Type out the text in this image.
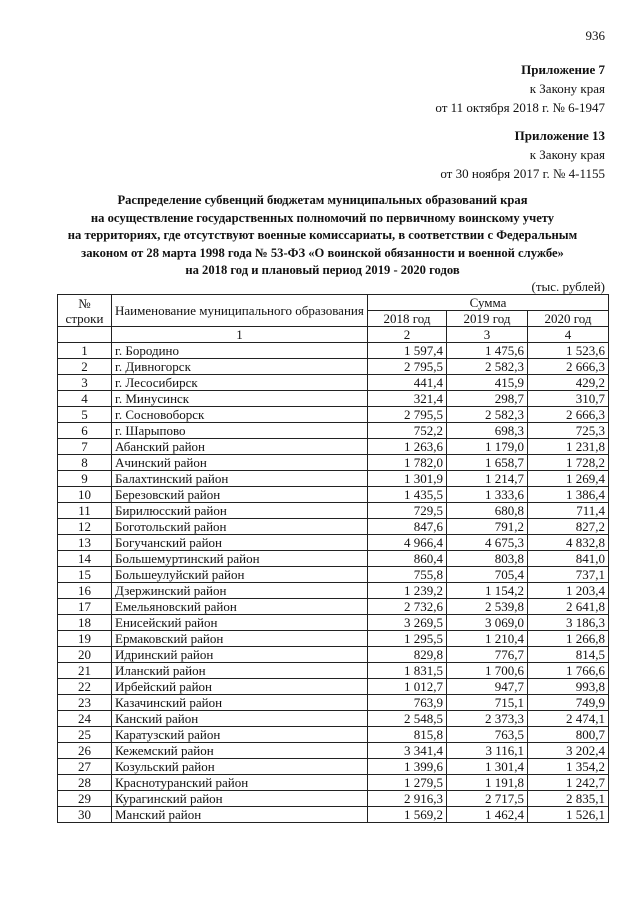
936
Приложение 7
к Закону края
от 11 октября 2018 г. № 6-1947
Приложение 13
к Закону края
от 30 ноября 2017 г. № 4-1155
Распределение субвенций бюджетам муниципальных образований края
на осуществление государственных полномочий по первичному воинскому учету
на территориях, где отсутствуют военные комиссариаты, в соответствии с Федеральным
законом от 28 марта 1998 года № 53-ФЗ «О воинской обязанности и военной службе»
на 2018 год и плановый период 2019 - 2020 годов
(тыс. рублей)
№ строки	Наименование муниципального образования	Сумма		
		2018 год	2019 год	2020 год
	1	2	3	4
1	г. Бородино	1 597,4	1 475,6	1 523,6
2	г. Дивногорск	2 795,5	2 582,3	2 666,3
3	г. Лесосибирск	441,4	415,9	429,2
4	г. Минусинск	321,4	298,7	310,7
5	г. Сосновоборск	2 795,5	2 582,3	2 666,3
6	г. Шарыпово	752,2	698,3	725,3
7	Абанский район	1 263,6	1 179,0	1 231,8
8	Ачинский район	1 782,0	1 658,7	1 728,2
9	Балахтинский район	1 301,9	1 214,7	1 269,4
10	Березовский район	1 435,5	1 333,6	1 386,4
11	Бирилюсский район	729,5	680,8	711,4
12	Боготольский район	847,6	791,2	827,2
13	Богучанский район	4 966,4	4 675,3	4 832,8
14	Большемуртинский район	860,4	803,8	841,0
15	Большеулуйский район	755,8	705,4	737,1
16	Дзержинский район	1 239,2	1 154,2	1 203,4
17	Емельяновский район	2 732,6	2 539,8	2 641,8
18	Енисейский район	3 269,5	3 069,0	3 186,3
19	Ермаковский район	1 295,5	1 210,4	1 266,8
20	Идринский район	829,8	776,7	814,5
21	Иланский район	1 831,5	1 700,6	1 766,6
22	Ирбейский район	1 012,7	947,7	993,8
23	Казачинский район	763,9	715,1	749,9
24	Канский район	2 548,5	2 373,3	2 474,1
25	Каратузский район	815,8	763,5	800,7
26	Кежемский район	3 341,4	3 116,1	3 202,4
27	Козульский район	1 399,6	1 301,4	1 354,2
28	Краснотуранский район	1 279,5	1 191,8	1 242,7
29	Курагинский район	2 916,3	2 717,5	2 835,1
30	Манский район	1 569,2	1 462,4	1 526,1
